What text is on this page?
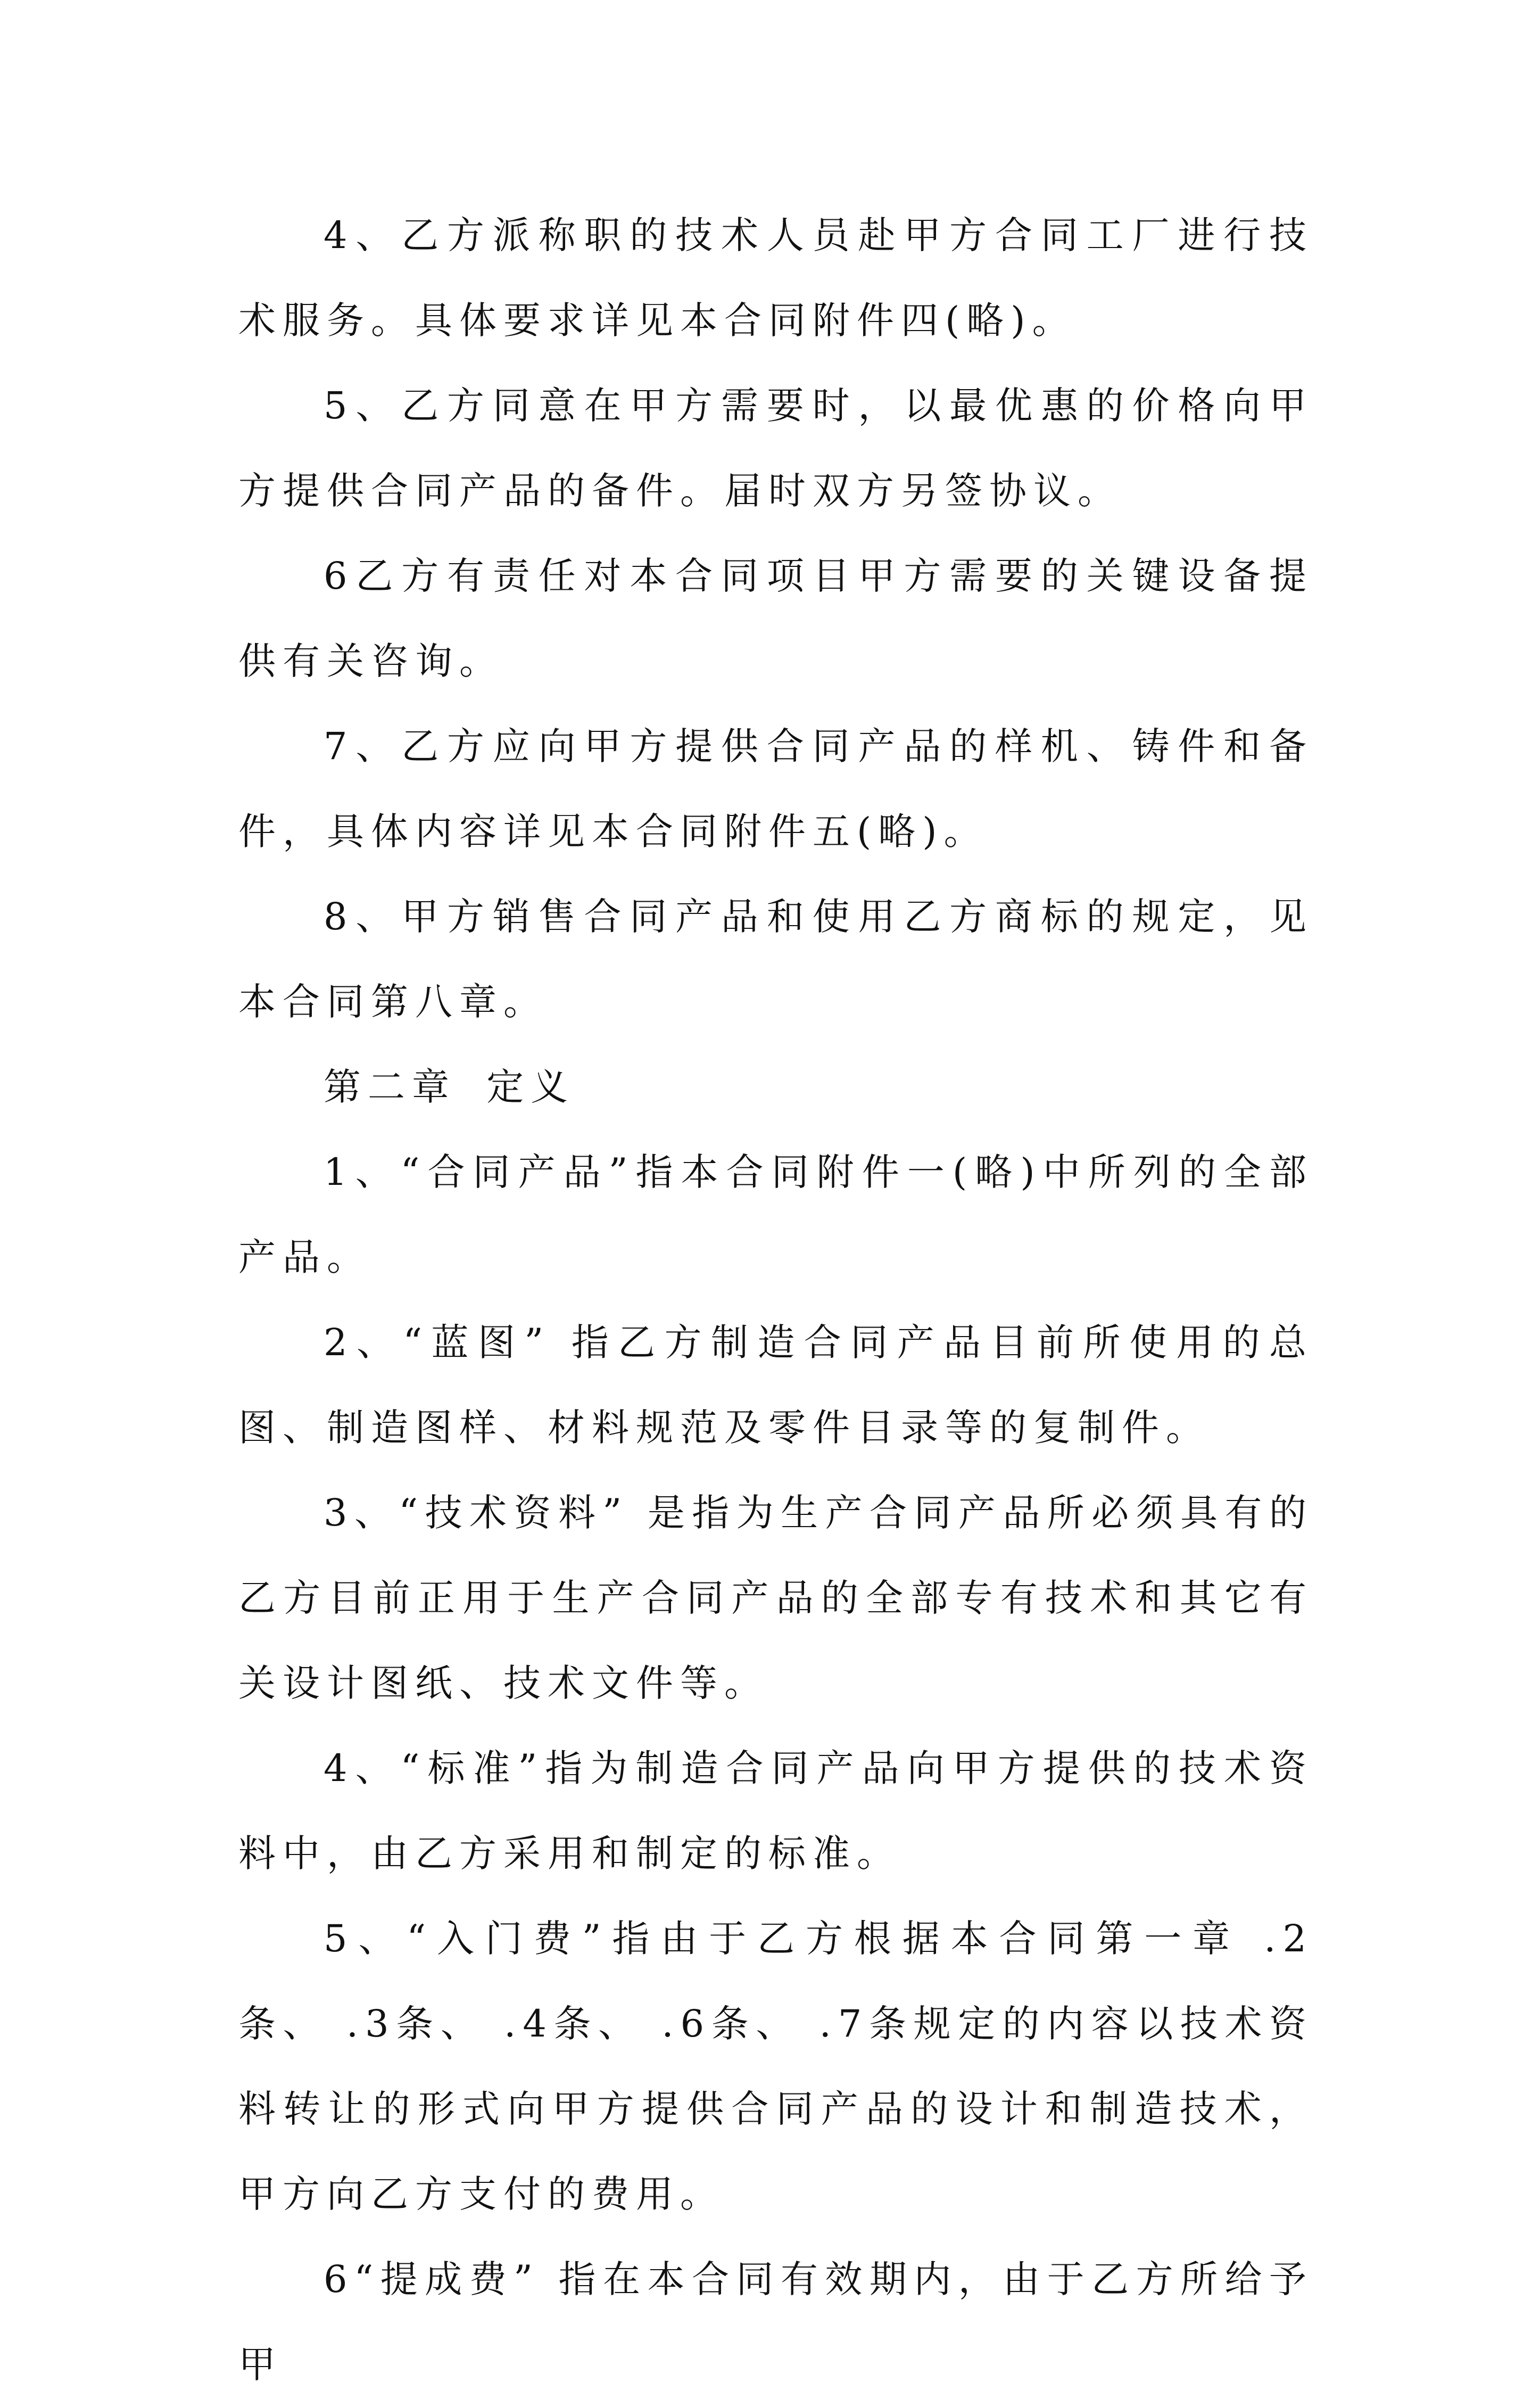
4、乙方派称职的技术人员赴甲方合同工厂进行技术服务。具体要求详见本合同附件四(略)。

5、乙方同意在甲方需要时，以最优惠的价格向甲方提供合同产品的备件。届时双方另签协议。

6乙方有责任对本合同项目甲方需要的关键设备提供有关咨询。

7、乙方应向甲方提供合同产品的样机、铸件和备件，具体内容详见本合同附件五(略)。

8、甲方销售合同产品和使用乙方商标的规定，见本合同第八章。

第二章 定义

1、“合同产品”指本合同附件一(略)中所列的全部产品。

2、“蓝图” 指乙方制造合同产品目前所使用的总图、制造图样、材料规范及零件目录等的复制件。

3、“技术资料” 是指为生产合同产品所必须具有的乙方目前正用于生产合同产品的全部专有技术和其它有关设计图纸、技术文件等。

4、“标准”指为制造合同产品向甲方提供的技术资料中，由乙方采用和制定的标准。

5、“入门费”指由于乙方根据本合同第一章 .2条、 .3条、 .4条、 .6条、 .7条规定的内容以技术资料转让的形式向甲方提供合同产品的设计和制造技术，甲方向乙方支付的费用。

6“提成费” 指在本合同有效期内，由于乙方所给予甲
